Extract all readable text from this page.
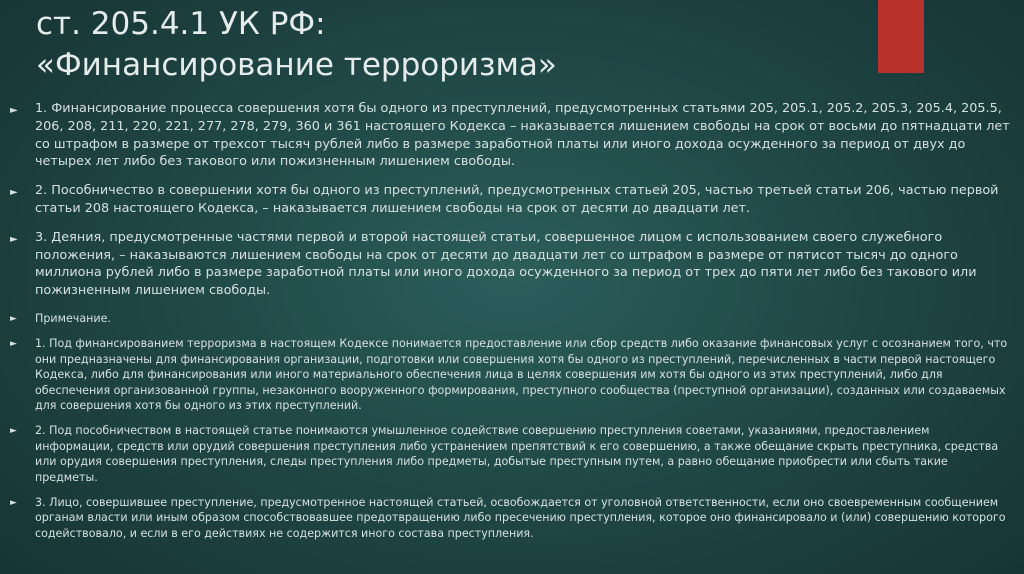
ст. 205.4.1 УК РФ:
«Финансирование терроризма»
► 1. Финансирование процесса совершения хотя бы одного из преступлений, предусмотренных статьями 205, 205.1, 205.2, 205.3, 205.4, 205.5, 206, 208, 211, 220, 221, 277, 278, 279, 360 и 361 настоящего Кодекса – наказывается лишением свободы на срок от восьми до пятнадцати лет со штрафом в размере от трехсот тысяч рублей либо в размере заработной платы или иного дохода осужденного за период от двух до четырех лет либо без такового или пожизненным лишением свободы.
► 2. Пособничество в совершении хотя бы одного из преступлений, предусмотренных статьей 205, частью третьей статьи 206, частью первой статьи 208 настоящего Кодекса, – наказывается лишением свободы на срок от десяти до двадцати лет.
► 3. Деяния, предусмотренные частями первой и второй настоящей статьи, совершенное лицом с использованием своего служебного положения, – наказываются лишением свободы на срок от десяти до двадцати лет со штрафом в размере от пятисот тысяч до одного миллиона рублей либо в размере заработной платы или иного дохода осужденного за период от трех до пяти лет либо без такового или пожизненным лишением свободы.
► Примечание.
► 1. Под финансированием терроризма в настоящем Кодексе понимается предоставление или сбор средств либо оказание финансовых услуг с осознанием того, что они предназначены для финансирования организации, подготовки или совершения хотя бы одного из преступлений, перечисленных в части первой настоящего Кодекса, либо для финансирования или иного материального обеспечения лица в целях совершения им хотя бы одного из этих преступлений, либо для обеспечения организованной группы, незаконного вооруженного формирования, преступного сообщества (преступной организации), созданных или создаваемых для совершения хотя бы одного из этих преступлений.
► 2. Под пособничеством в настоящей статье понимаются умышленное содействие совершению преступления советами, указаниями, предоставлением информации, средств или орудий совершения преступления либо устранением препятствий к его совершению, а также обещание скрыть преступника, средства или орудия совершения преступления, следы преступления либо предметы, добытые преступным путем, а равно обещание приобрести или сбыть такие предметы.
► 3. Лицо, совершившее преступление, предусмотренное настоящей статьей, освобождается от уголовной ответственности, если оно своевременным сообщением органам власти или иным образом способствовавшее предотвращению либо пресечению преступления, которое оно финансировало и (или) совершению которого содействовало, и если в его действиях не содержится иного состава преступления.
